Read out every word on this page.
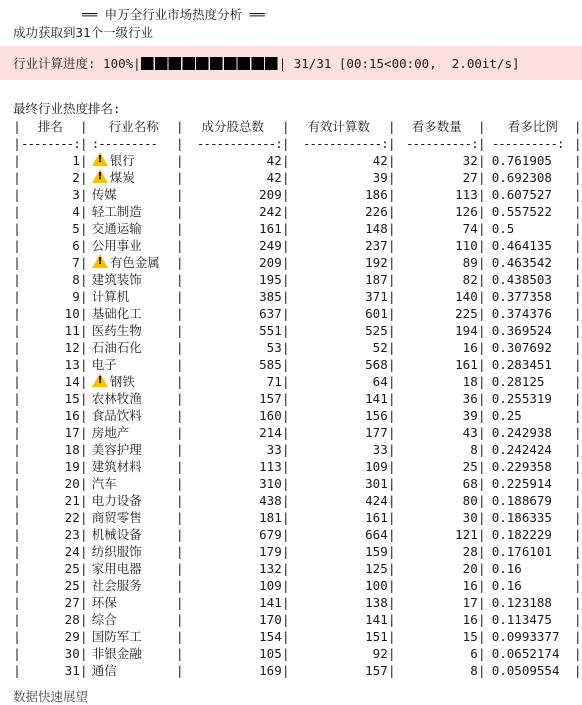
══ 申万全行业市场热度分析 ══
成功获取到31个一级行业
行业计算进度: 100%|	| 31/31 [00:15<00:00,  2.00it/s]
最终行业热度排名:
|	排名	|	行业名称	|	成分股总数	|	有效计算数	|	看多数量	|	看多比例	|
|	--------:	|	:---------	|	------------:	|	------------:	|	----------:	|	----------:	|
|	1	|	!银行	|	42	|	42	|	32	|	0.761905	|
|	2	|	!煤炭	|	42	|	39	|	27	|	0.692308	|
|	3	|	传媒	|	209	|	186	|	113	|	0.607527	|
|	4	|	轻工制造	|	242	|	226	|	126	|	0.557522	|
|	5	|	交通运输	|	161	|	148	|	74	|	0.5	|
|	6	|	公用事业	|	249	|	237	|	110	|	0.464135	|
|	7	|	!有色金属	|	209	|	192	|	89	|	0.463542	|
|	8	|	建筑装饰	|	195	|	187	|	82	|	0.438503	|
|	9	|	计算机	|	385	|	371	|	140	|	0.377358	|
|	10	|	基础化工	|	637	|	601	|	225	|	0.374376	|
|	11	|	医药生物	|	551	|	525	|	194	|	0.369524	|
|	12	|	石油石化	|	53	|	52	|	16	|	0.307692	|
|	13	|	电子	|	585	|	568	|	161	|	0.283451	|
|	14	|	!钢铁	|	71	|	64	|	18	|	0.28125	|
|	15	|	农林牧渔	|	157	|	141	|	36	|	0.255319	|
|	16	|	食品饮料	|	160	|	156	|	39	|	0.25	|
|	17	|	房地产	|	214	|	177	|	43	|	0.242938	|
|	18	|	美容护理	|	33	|	33	|	8	|	0.242424	|
|	19	|	建筑材料	|	113	|	109	|	25	|	0.229358	|
|	20	|	汽车	|	310	|	301	|	68	|	0.225914	|
|	21	|	电力设备	|	438	|	424	|	80	|	0.188679	|
|	22	|	商贸零售	|	181	|	161	|	30	|	0.186335	|
|	23	|	机械设备	|	679	|	664	|	121	|	0.182229	|
|	24	|	纺织服饰	|	179	|	159	|	28	|	0.176101	|
|	25	|	家用电器	|	132	|	125	|	20	|	0.16	|
|	25	|	社会服务	|	109	|	100	|	16	|	0.16	|
|	27	|	环保	|	141	|	138	|	17	|	0.123188	|
|	28	|	综合	|	170	|	141	|	16	|	0.113475	|
|	29	|	国防军工	|	154	|	151	|	15	|	0.0993377	|
|	30	|	非银金融	|	105	|	92	|	6	|	0.0652174	|
|	31	|	通信	|	169	|	157	|	8	|	0.0509554	|
数据快速展望
